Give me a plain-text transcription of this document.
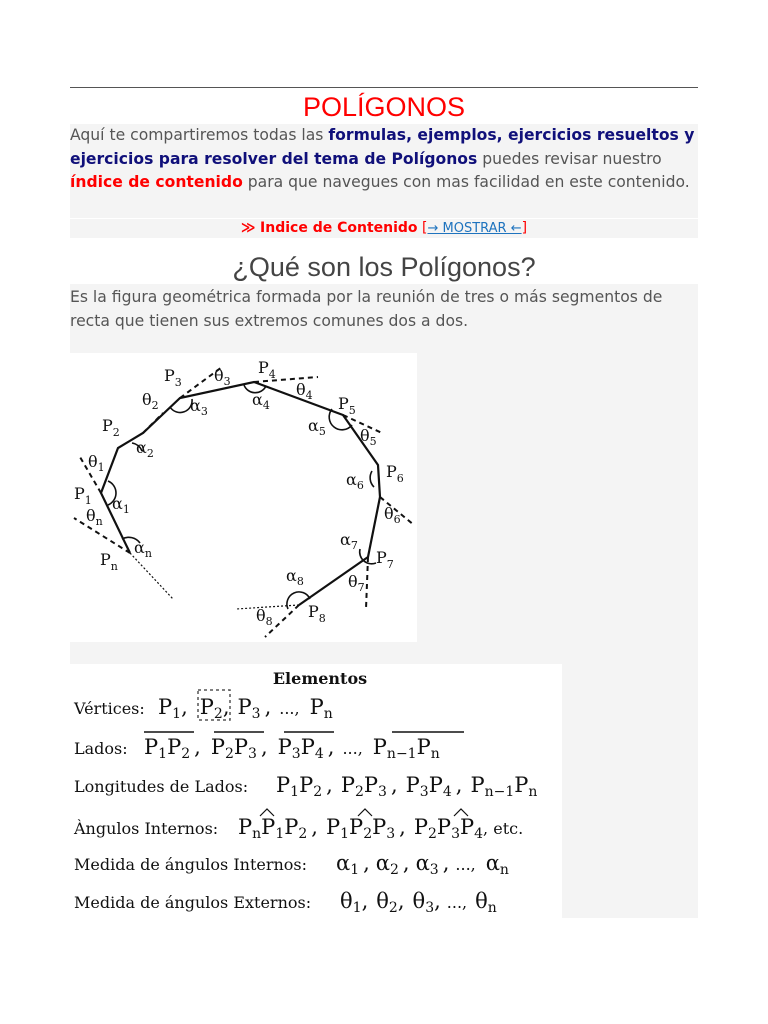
POLÍGONOS
Aquí te compartiremos todas las formulas, ejemplos, ejercicios resueltos y ejercicios para resolver del tema de Polígonos puedes revisar nuestro índice de contenido para que navegues con mas facilidad en este contenido.
≫ Indice de Contenido [→ MOSTRAR ←]
¿Qué son los Polígonos?
Es la figura geométrica formada por la reunión de tres o más segmentos de recta que tienen sus extremos comunes dos a dos.
$P_1$
$P_n$
$P_2$
$P_3$
$P_4$
$P_5$
$P_6$
$P_7$
$P_8$
$\alpha_1$
$\alpha_n$
$\alpha_2$
$\alpha_3$
$\alpha_4$
$\alpha_5$
$\alpha_6$
$\alpha_7$
$\alpha_8$
$\theta_1$
$\theta_n$
$\theta_2$
$\theta_3$	$\theta_4$
$\theta_5$
$\theta_6$
$\theta_7$
$\theta_8$
Elementos
Vértices: P1, P2, P3 , ..., Pn
Lados: P1P2 , P2P3 , P3P4 , ..., Pn−1Pn
Longitudes de Lados: P1P2 , P2P3 , P3P4 , Pn−1Pn
Àngulos Internos: PnP1P2 , P1P2P3 , P2P3P4, etc.
Medida de ángulos Internos: α1 , α2 , α3 , ..., αn
Medida de ángulos Externos: θ1, θ2, θ3, ..., θn
